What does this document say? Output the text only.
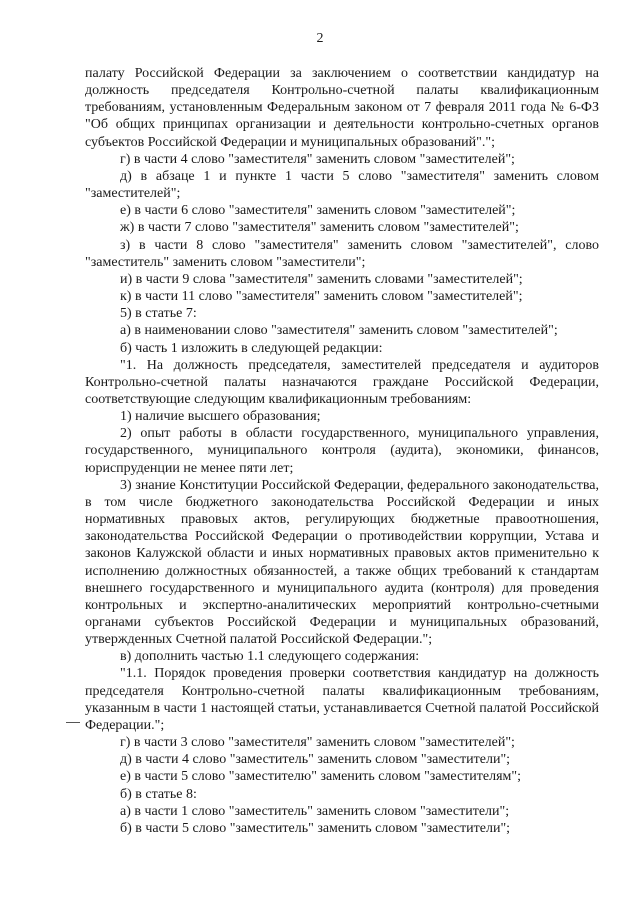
2

палату Российской Федерации за заключением о соответствии кандидатур на должность председателя Контрольно-счетной палаты квалификационным требованиям, установленным Федеральным законом от 7 февраля 2011 года № 6-ФЗ "Об общих принципах организации и деятельности контрольно-счетных органов субъектов Российской Федерации и муниципальных образований".";

г) в части 4 слово "заместителя" заменить словом "заместителей";

д) в абзаце 1 и пункте 1 части 5 слово "заместителя" заменить словом "заместителей";

е) в части 6 слово "заместителя" заменить словом "заместителей";

ж) в части 7 слово "заместителя" заменить словом "заместителей";

з) в части 8 слово "заместителя" заменить словом "заместителей", слово "заместитель" заменить словом "заместители";

и) в части 9 слова "заместителя" заменить словами "заместителей";

к) в части 11 слово "заместителя" заменить словом "заместителей";

5) в статье 7:

а) в наименовании слово "заместителя" заменить словом "заместителей";

б) часть 1 изложить в следующей редакции:

"1. На должность председателя, заместителей председателя и аудиторов Контрольно-счетной палаты назначаются граждане Российской Федерации, соответствующие следующим квалификационным требованиям:

1) наличие высшего образования;

2) опыт работы в области государственного, муниципального управления, государственного, муниципального контроля (аудита), экономики, финансов, юриспруденции не менее пяти лет;

3) знание Конституции Российской Федерации, федерального законодательства, в том числе бюджетного законодательства Российской Федерации и иных нормативных правовых актов, регулирующих бюджетные правоотношения, законодательства Российской Федерации о противодействии коррупции, Устава и законов Калужской области и иных нормативных правовых актов применительно к исполнению должностных обязанностей, а также общих требований к стандартам внешнего государственного и муниципального аудита (контроля) для проведения контрольных и экспертно-аналитических мероприятий контрольно-счетными органами субъектов Российской Федерации и муниципальных образований, утвержденных Счетной палатой Российской Федерации.";

в) дополнить частью 1.1 следующего содержания:

"1.1. Порядок проведения проверки соответствия кандидатур на должность председателя Контрольно-счетной палаты квалификационным требованиям, указанным в части 1 настоящей статьи, устанавливается Счетной палатой Российской Федерации.";

г) в части 3 слово "заместителя" заменить словом "заместителей";

д) в части 4 слово "заместитель" заменить словом "заместители";

е) в части 5 слово "заместителю" заменить словом "заместителям";

б) в статье 8:

а) в части 1 слово "заместитель" заменить словом "заместители";

б) в части 5 слово "заместитель" заменить словом "заместители";
